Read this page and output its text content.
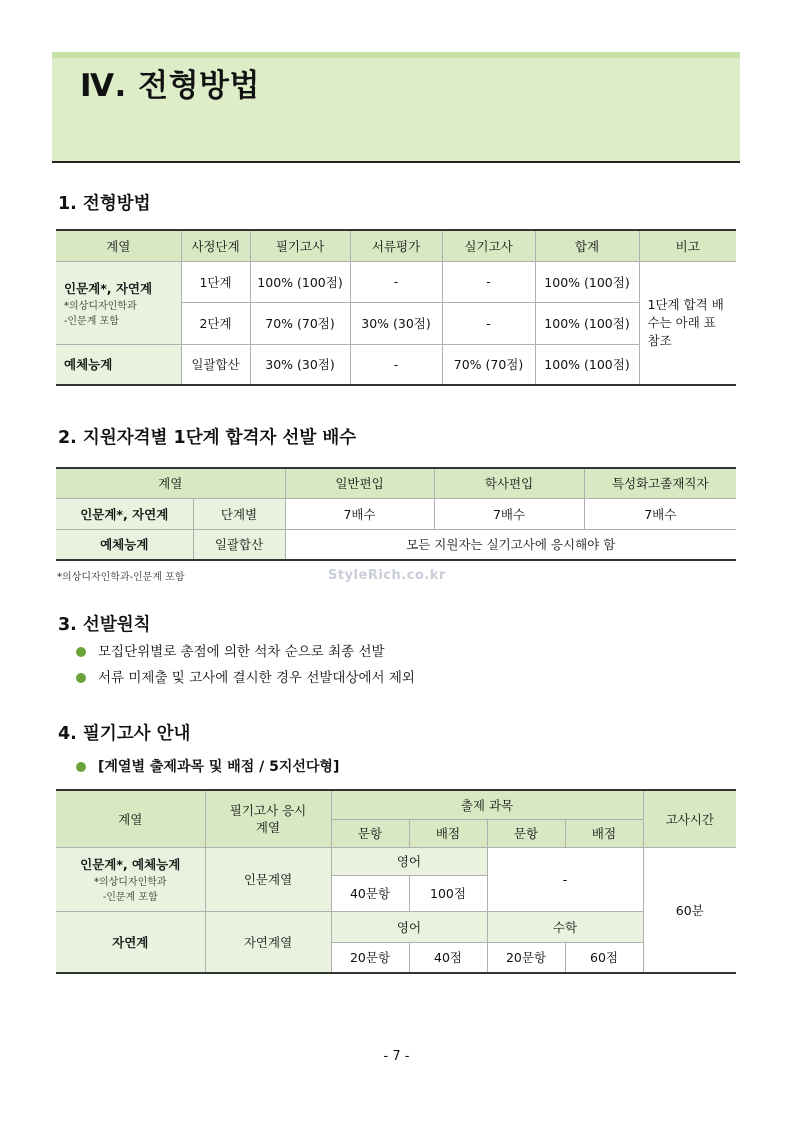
Ⅳ. 전형방법
1. 전형방법
계열	사정단계	필기고사	서류평가	실기고사	합계	비고

인문계*, 자연계
*의상디자인학과
-인문계 포함	1단계	100% (100점)	-	-	100% (100점)	1단계 합격 배수는 아래 표 참조
	2단계	70% (70점)	30% (30점)	-	100% (100점)	
예체능계	일괄합산	30% (30점)	-	70% (70점)	100% (100점)	
2. 지원자격별 1단계 합격자 선발 배수
계열		일반편입	학사편입	특성화고졸재직자
인문계*, 자연계	단계별	7배수	7배수	7배수
예체능계	일괄합산	모든 지원자는 실기고사에 응시해야 함		
*의상디자인학과-인문계 포함	StyleRich.co.kr
3. 선발원칙
모집단위별로 총점에 의한 석차 순으로 최종 선발
서류 미제출 및 고사에 결시한 경우 선발대상에서 제외
4. 필기고사 안내
[계열별 출제과목 및 배점 / 5지선다형]
계열	필기고사 응시계열	출제 과목				고사시간
		문항	배점	문항	배점	

인문계*, 예체능계
*의상디자인학과
-인문계 포함	인문계열	영어		-		60분
		40문항	100점			
자연계	자연계열	영어		수학		
		20문항	40점	20문항	60점	
- 7 -
